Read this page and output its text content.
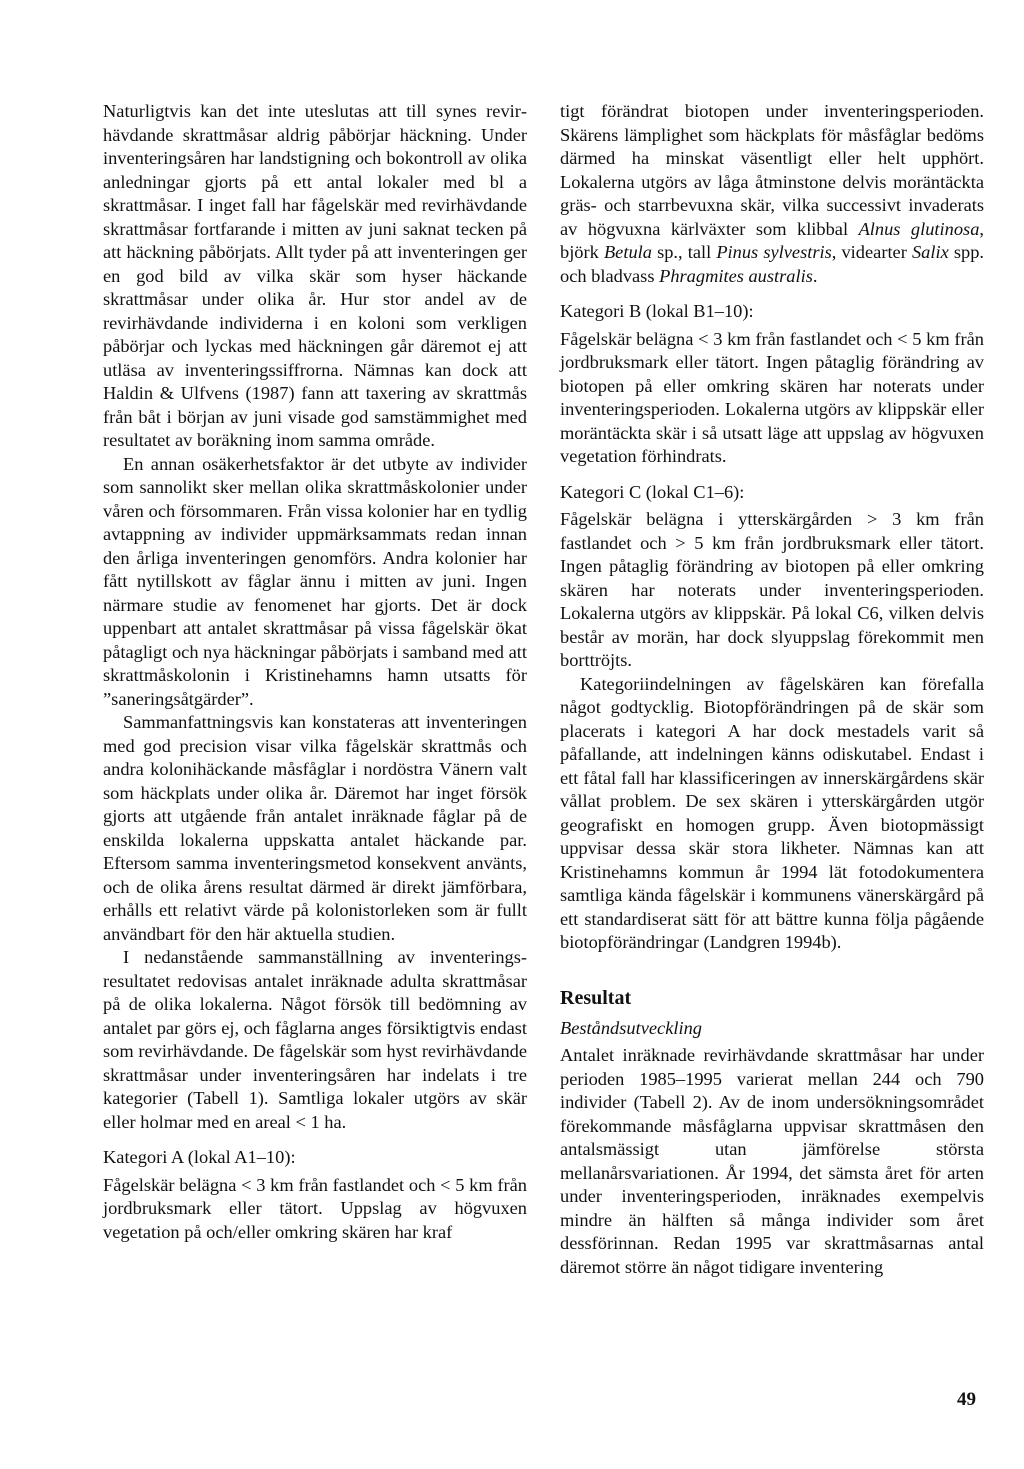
Naturligtvis kan det inte uteslutas att till synes revirhävdande skrattmåsar aldrig påbörjar häckning. Under inventeringsåren har landstigning och bokontroll av olika anledningar gjorts på ett antal lokaler med bl a skrattmåsar. I inget fall har fågelskär med revirhävdande skrattmåsar fortfarande i mitten av juni saknat tecken på att häckning påbörjats. Allt tyder på att inventeringen ger en god bild av vilka skär som hyser häckande skrattmåsar under olika år. Hur stor andel av de revirhävdande individerna i en koloni som verkligen påbörjar och lyckas med häckningen går däremot ej att utläsa av inventeringssiffrorna. Nämnas kan dock att Haldin & Ulfvens (1987) fann att taxering av skrattmås från båt i början av juni visade god samstämmighet med resultatet av boräkning inom samma område.

En annan osäkerhetsfaktor är det utbyte av individer som sannolikt sker mellan olika skrattmåskolonier under våren och försommaren. Från vissa kolonier har en tydlig avtappning av individer uppmärksammats redan innan den årliga inventeringen genomförs. Andra kolonier har fått nytillskott av fåglar ännu i mitten av juni. Ingen närmare studie av fenomenet har gjorts. Det är dock uppenbart att antalet skrattmåsar på vissa fågelskär ökat påtagligt och nya häckningar påbörjats i samband med att skrattmåskolonin i Kristinehamns hamn utsatts för ”saneringsåtgärder”.

Sammanfattningsvis kan konstateras att inventeringen med god precision visar vilka fågelskär skrattmås och andra kolonihäckande måsfåglar i nordöstra Vänern valt som häckplats under olika år. Däremot har inget försök gjorts att utgående från antalet inräknade fåglar på de enskilda lokalerna uppskatta antalet häckande par. Eftersom samma inventeringsmetod konsekvent använts, och de olika årens resultat därmed är direkt jämförbara, erhålls ett relativt värde på kolonistorleken som är fullt användbart för den här aktuella studien.

I nedanstående sammanställning av inventeringsresultatet redovisas antalet inräknade adulta skrattmåsar på de olika lokalerna. Något försök till bedömning av antalet par görs ej, och fåglarna anges försiktigtvis endast som revirhävdande. De fågelskär som hyst revirhävdande skrattmåsar under inventeringsåren har indelats i tre kategorier (Tabell 1). Samtliga lokaler utgörs av skär eller holmar med en areal < 1 ha.

Kategori A (lokal A1–10):

Fågelskär belägna < 3 km från fastlandet och < 5 km från jordbruksmark eller tätort. Uppslag av högvuxen vegetation på och/eller omkring skären har kraf

tigt förändrat biotopen under inventeringsperioden. Skärens lämplighet som häckplats för måsfåglar bedöms därmed ha minskat väsentligt eller helt upphört. Lokalerna utgörs av låga åtminstone delvis moräntäckta gräs- och starrbevuxna skär, vilka successivt invaderats av högvuxna kärlväxter som klibbal Alnus glutinosa, björk Betula sp., tall Pinus sylvestris, videarter Salix spp. och bladvass Phragmites australis.

Kategori B (lokal B1–10):

Fågelskär belägna < 3 km från fastlandet och < 5 km från jordbruksmark eller tätort. Ingen påtaglig förändring av biotopen på eller omkring skären har noterats under inventeringsperioden. Lokalerna utgörs av klippskär eller moräntäckta skär i så utsatt läge att uppslag av högvuxen vegetation förhindrats.

Kategori C (lokal C1–6):

Fågelskär belägna i ytterskärgården > 3 km från fastlandet och > 5 km från jordbruksmark eller tätort. Ingen påtaglig förändring av biotopen på eller omkring skären har noterats under inventeringsperioden. Lokalerna utgörs av klippskär. På lokal C6, vilken delvis består av morän, har dock slyuppslag förekommit men borttröjts.

Kategoriindelningen av fågelskären kan förefalla något godtycklig. Biotopförändringen på de skär som placerats i kategori A har dock mestadels varit så påfallande, att indelningen känns odiskutabel. Endast i ett fåtal fall har klassificeringen av innerskärgårdens skär vållat problem. De sex skären i ytterskärgården utgör geografiskt en homogen grupp. Även biotopmässigt uppvisar dessa skär stora likheter. Nämnas kan att Kristinehamns kommun år 1994 lät fotodokumentera samtliga kända fågelskär i kommunens vänerskärgård på ett standardiserat sätt för att bättre kunna följa pågående biotopförändringar (Landgren 1994b).

Resultat
Beståndsutveckling

Antalet inräknade revirhävdande skrattmåsar har under perioden 1985–1995 varierat mellan 244 och 790 individer (Tabell 2). Av de inom undersökningsområdet förekommande måsfåglarna uppvisar skrattmåsen den antalsmässigt utan jämförelse största mellanårsvariationen. År 1994, det sämsta året för arten under inventeringsperioden, inräknades exempelvis mindre än hälften så många individer som året dessförinnan. Redan 1995 var skrattmåsarnas antal däremot större än något tidigare inventering

49
